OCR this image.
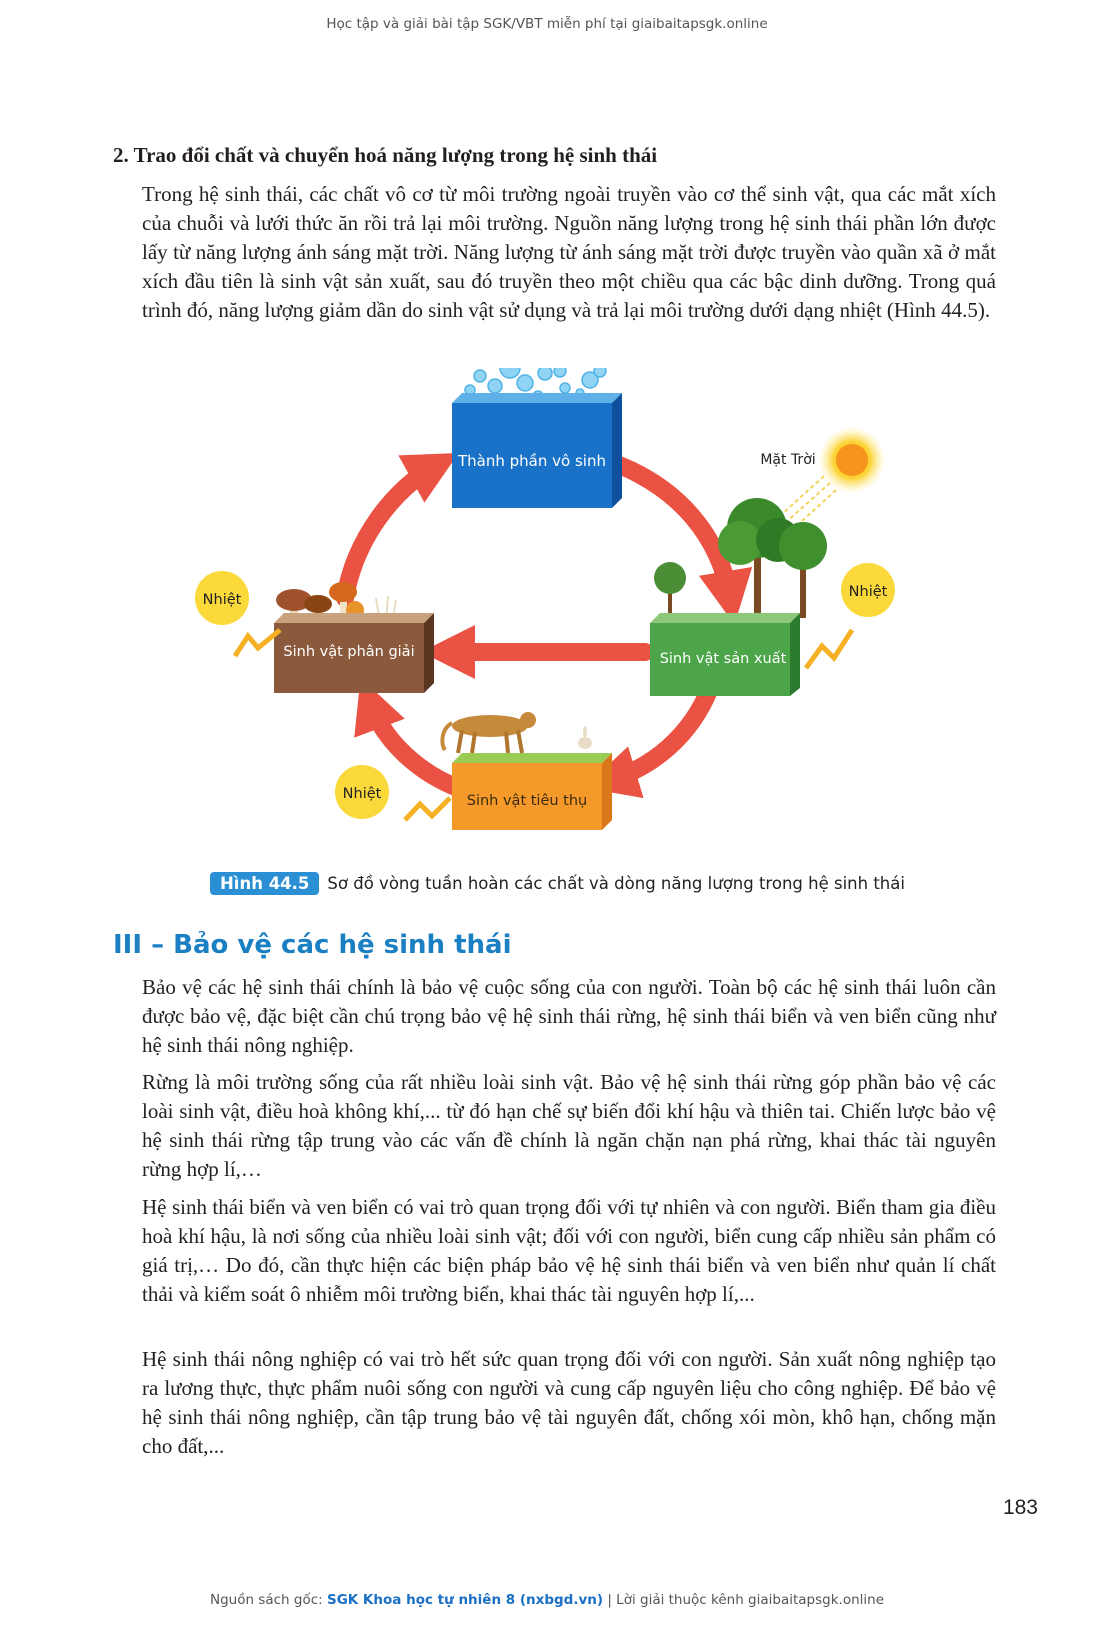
Học tập và giải bài tập SGK/VBT miễn phí tại giaibaitapsgk.online
2. Trao đổi chất và chuyển hoá năng lượng trong hệ sinh thái

Trong hệ sinh thái, các chất vô cơ từ môi trường ngoài truyền vào cơ thể sinh vật, qua các mắt xích của chuỗi và lưới thức ăn rồi trả lại môi trường. Nguồn năng lượng trong hệ sinh thái phần lớn được lấy từ năng lượng ánh sáng mặt trời. Năng lượng từ ánh sáng mặt trời được truyền vào quần xã ở mắt xích đầu tiên là sinh vật sản xuất, sau đó truyền theo một chiều qua các bậc dinh dưỡng. Trong quá trình đó, năng lượng giảm dần do sinh vật sử dụng và trả lại môi trường dưới dạng nhiệt (Hình 44.5).

Thành phần vô sinh	Mặt Trời
Sinh vật sản xuất
Sinh vật phân giải
Sinh vật tiêu thụ
Nhiệt	Nhiệt
Nhiệt
Hình 44.5	Sơ đồ vòng tuần hoàn các chất và dòng năng lượng trong hệ sinh thái
III – Bảo vệ các hệ sinh thái

Bảo vệ các hệ sinh thái chính là bảo vệ cuộc sống của con người. Toàn bộ các hệ sinh thái luôn cần được bảo vệ, đặc biệt cần chú trọng bảo vệ hệ sinh thái rừng, hệ sinh thái biển và ven biển cũng như hệ sinh thái nông nghiệp.

Rừng là môi trường sống của rất nhiều loài sinh vật. Bảo vệ hệ sinh thái rừng góp phần bảo vệ các loài sinh vật, điều hoà không khí,... từ đó hạn chế sự biến đổi khí hậu và thiên tai. Chiến lược bảo vệ hệ sinh thái rừng tập trung vào các vấn đề chính là ngăn chặn nạn phá rừng, khai thác tài nguyên rừng hợp lí,…

Hệ sinh thái biển và ven biển có vai trò quan trọng đối với tự nhiên và con người. Biển tham gia điều hoà khí hậu, là nơi sống của nhiều loài sinh vật; đối với con người, biển cung cấp nhiều sản phẩm có giá trị,… Do đó, cần thực hiện các biện pháp bảo vệ hệ sinh thái biển và ven biển như quản lí chất thải và kiểm soát ô nhiễm môi trường biển, khai thác tài nguyên hợp lí,...

Hệ sinh thái nông nghiệp có vai trò hết sức quan trọng đối với con người. Sản xuất nông nghiệp tạo ra lương thực, thực phẩm nuôi sống con người và cung cấp nguyên liệu cho công nghiệp. Để bảo vệ hệ sinh thái nông nghiệp, cần tập trung bảo vệ tài nguyên đất, chống xói mòn, khô hạn, chống mặn cho đất,...

183
Nguồn sách gốc: SGK Khoa học tự nhiên 8 (nxbgd.vn) | Lời giải thuộc kênh giaibaitapsgk.online
